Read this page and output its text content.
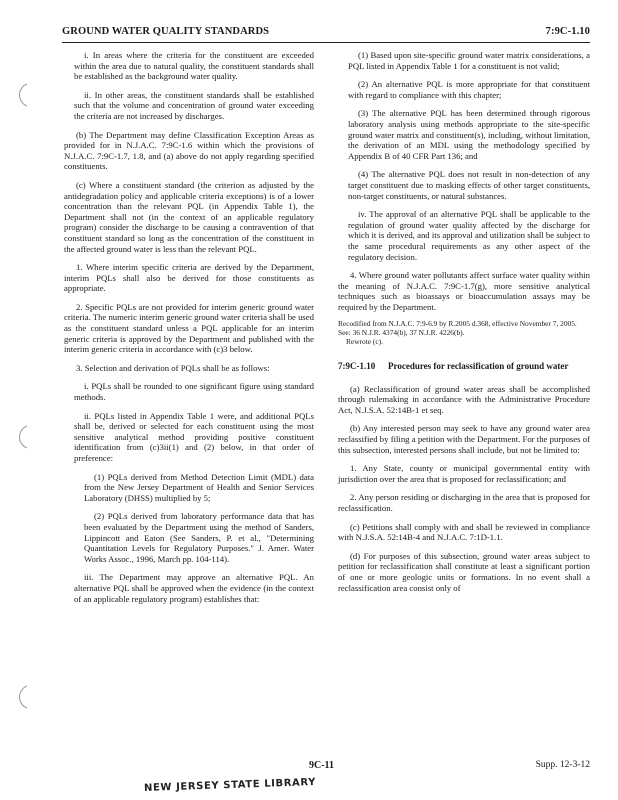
GROUND WATER QUALITY STANDARDS	7:9C-1.10

i. In areas where the criteria for the constituent are exceeded within the area due to natural quality, the constituent standards shall be established as the background water quality.

ii. In other areas, the constituent standards shall be established such that the volume and concentration of ground water exceeding the criteria are not increased by discharges.

(b) The Department may define Classification Exception Areas as provided for in N.J.A.C. 7:9C-1.6 within which the provisions of N.J.A.C. 7:9C-1.7, 1.8, and (a) above do not apply regarding specified constituents.

(c) Where a constituent standard (the criterion as adjusted by the antidegradation policy and applicable criteria exceptions) is of a lower concentration than the relevant PQL (in Appendix Table 1), the Department shall not (in the context of an applicable regulatory program) consider the discharge to be causing a contravention of that constituent standard so long as the concentration of the constituent in the affected ground water is less than the relevant PQL.

1. Where interim specific criteria are derived by the Department, interim PQLs shall also be derived for those constituents as appropriate.

2. Specific PQLs are not provided for interim generic ground water criteria. The numeric interim generic ground water criteria shall be used as the constituent standard unless a PQL applicable for an interim generic criteria is approved by the Department and published with the interim generic criteria in accordance with (c)3 below.

3. Selection and derivation of PQLs shall be as follows:

i. PQLs shall be rounded to one significant figure using standard methods.

ii. PQLs listed in Appendix Table 1 were, and additional PQLs shall be, derived or selected for each constituent using the most sensitive analytical method providing positive constituent identification from (c)3ii(1) and (2) below, in that order of preference:

(1) PQLs derived from Method Detection Limit (MDL) data from the New Jersey Department of Health and Senior Services Laboratory (DHSS) multiplied by 5;

(2) PQLs derived from laboratory performance data that has been evaluated by the Department using the method of Sanders, Lippincott and Eaton (See Sanders, P. et al., "Determining Quantitation Levels for Regulatory Purposes." J. Amer. Water Works Assoc., 1996, March pp. 104-114).

iii. The Department may approve an alternative PQL. An alternative PQL shall be approved when the evidence (in the context of an applicable regulatory program) establishes that:

(1) Based upon site-specific ground water matrix considerations, a PQL listed in Appendix Table 1 for a constituent is not valid;

(2) An alternative PQL is more appropriate for that constituent with regard to compliance with this chapter;

(3) The alternative PQL has been determined through rigorous laboratory analysis using methods appropriate to the site-specific ground water matrix and constituent(s), including, without limitation, the derivation of an MDL using the methodology specified by Appendix B of 40 CFR Part 136; and

(4) The alternative PQL does not result in non-detection of any target constituent due to masking effects of other target constituents, non-target constituents, or natural substances.

iv. The approval of an alternative PQL shall be applicable to the regulation of ground water quality affected by the discharge for which it is derived, and its approval and utilization shall be subject to the same procedural requirements as any other aspect of the regulatory decision.

4. Where ground water pollutants affect surface water quality within the meaning of N.J.A.C. 7:9C-1.7(g), more sensitive analytical techniques such as bioassays or bioaccumulation assays may be required by the Department.

Recodified from N.J.A.C. 7:9-6.9 by R.2005 d.368, effective November 7, 2005.
See: 36 N.J.R. 4374(b), 37 N.J.R. 4226(b).
Rewrote (c).
7:9C-1.10	Procedures for reclassification of ground water

(a) Reclassification of ground water areas shall be accomplished through rulemaking in accordance with the Administrative Procedure Act, N.J.S.A. 52:14B-1 et seq.

(b) Any interested person may seek to have any ground water area reclassified by filing a petition with the Department. For the purposes of this subsection, interested persons shall include, but not be limited to:

1. Any State, county or municipal governmental entity with jurisdiction over the area that is proposed for reclassification; and

2. Any person residing or discharging in the area that is proposed for reclassification.

(c) Petitions shall comply with and shall be reviewed in compliance with N.J.S.A. 52:14B-4 and N.J.A.C. 7:1D-1.1.

(d) For purposes of this subsection, ground water areas subject to petition for reclassification shall constitute at least a significant portion of one or more geologic units or formations. In no event shall a reclassification area consist only of

9C-11	Supp. 12-3-12
NEW JERSEY STATE LIBRARY
